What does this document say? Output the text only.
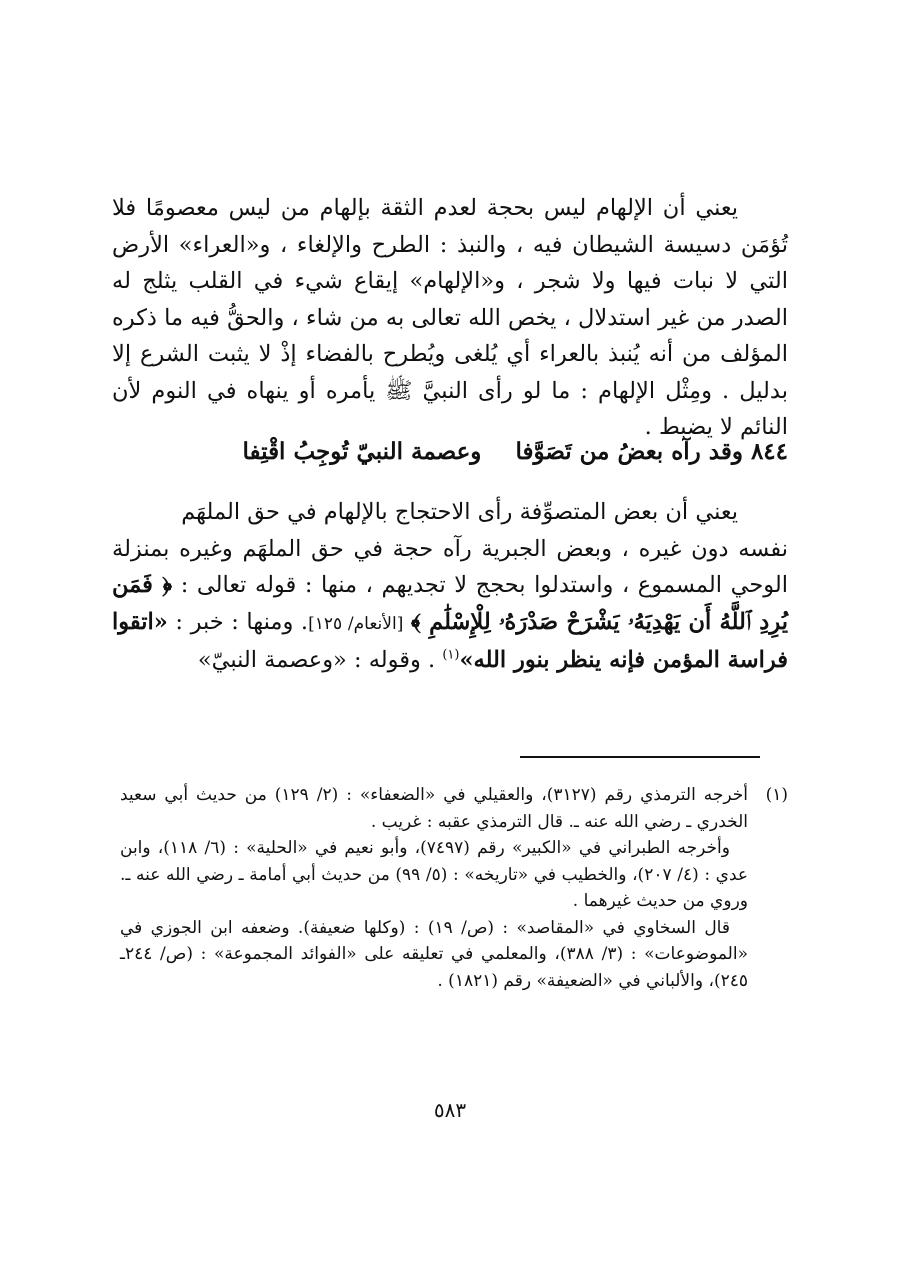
يعني أن الإلهام ليس بحجة لعدم الثقة بإلهام من ليس معصومًا فلا تُؤمَن دسيسة الشيطان فيه ، والنبذ : الطرح والإلغاء ، و«العراء» الأرض التي لا نبات فيها ولا شجر ، و«الإلهام» إيقاع شيء في القلب يثلج له الصدر من غير استدلال ، يخص الله تعالى به من شاء ، والحقُّ فيه ما ذكره المؤلف من أنه يُنبذ بالعراء أي يُلغى ويُطرح بالفضاء إذْ لا يثبت الشرع إلا بدليل . ومِثْل الإلهام : ما لو رأى النبيَّ ﷺ يأمره أو ينهاه في النوم لأن النائم لا يضبط .
٨٤٤ وقد رآه بعضُ من تَصَوَّفا وعصمة النبيّ تُوجِبُ اقْتِفا
يعني أن بعض المتصوِّفة رأى الاحتجاج بالإلهام في حق الملهَم
نفسه دون غيره ، وبعض الجبرية رآه حجة في حق الملهَم وغيره بمنزلة الوحي المسموع ، واستدلوا بحجج لا تجديهم ، منها : قوله تعالى : ﴿ فَمَن يُرِدِ ٱللَّهُ أَن يَهْدِيَهُۥ يَشْرَحْ صَدْرَهُۥ لِلْإِسْلَٰمِ ﴾ [الأنعام/ ١٢٥]. ومنها : خبر : «اتقوا فراسة المؤمن فإنه ينظر بنور الله»$^{(١)}$ . وقوله : «وعصمة النبيّ»
(١)

أخرجه الترمذي رقم (٣١٢٧)، والعقيلي في «الضعفاء» : (٢/ ١٢٩) من حديث أبي سعيد الخدري ـ رضي الله عنه ـ. قال الترمذي عقبه : غريب .

وأخرجه الطبراني في «الكبير» رقم (٧٤٩٧)، وأبو نعيم في «الحلية» : (٦/ ١١٨)، وابن عدي : (٤/ ٢٠٧)، والخطيب في «تاريخه» : (٥/ ٩٩) من حديث أبي أمامة ـ رضي الله عنه ـ. وروي من حديث غيرهما .

قال السخاوي في «المقاصد» : (ص/ ١٩) : (وكلها ضعيفة). وضعفه ابن الجوزي في «الموضوعات» : (٣/ ٣٨٨)، والمعلمي في تعليقه على «الفوائد المجموعة» : (ص/ ٢٤٤ـ ٢٤٥)، والألباني في «الضعيفة» رقم (١٨٢١) .

٥٨٣
